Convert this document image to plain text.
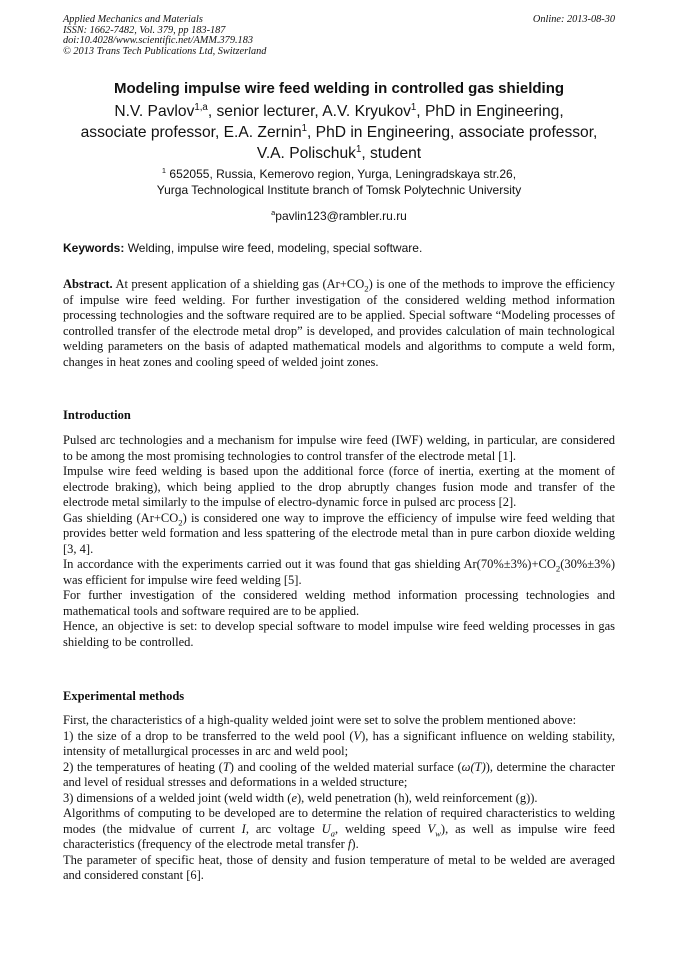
Applied Mechanics and Materials
ISSN: 1662-7482, Vol. 379, pp 183-187
doi:10.4028/www.scientific.net/AMM.379.183
© 2013 Trans Tech Publications Ltd, Switzerland
Online: 2013-08-30
Modeling impulse wire feed welding in controlled gas shielding
N.V. Pavlov$^{1,a}$, senior lecturer, A.V. Kryukov$^1$, PhD in Engineering,
associate professor, E.A. Zernin$^1$, PhD in Engineering, associate professor,
V.A. Polischuk$^1$, student
$^1$ 652055, Russia, Kemerovo region, Yurga, Leningradskaya str.26,
Yurga Technological Institute branch of Tomsk Polytechnic University
$^a$pavlin123@rambler.ru.ru
Keywords: Welding, impulse wire feed, modeling, special software.

Abstract. At present application of a shielding gas $(Ar+CO_2)$ is one of the methods to improve the efficiency of impulse wire feed welding. For further investigation of the considered welding method information processing technologies and the software required are to be applied. Special software “Modeling processes of controlled transfer of the electrode metal drop” is developed, and provides calculation of main technological welding parameters on the basis of adapted mathematical models and algorithms to compute a weld form, changes in heat zones and cooling speed of welded joint zones.

Introduction

Pulsed arc technologies and a mechanism for impulse wire feed (IWF) welding, in particular, are considered to be among the most promising technologies to control transfer of the electrode metal [1].

Impulse wire feed welding is based upon the additional force (force of inertia, exerting at the moment of electrode braking), which being applied to the drop abruptly changes fusion mode and transfer of the electrode metal similarly to the impulse of electro-dynamic force in pulsed arc process [2].

Gas shielding $(Ar+CO_2)$ is considered one way to improve the efficiency of impulse wire feed welding that provides better weld formation and less spattering of the electrode metal than in pure carbon dioxide welding [3, 4].

In accordance with the experiments carried out it was found that gas shielding $Ar(70\%\pm 3\%)+CO_2(30\%\pm 3\%)$ was efficient for impulse wire feed welding [5].

For further investigation of the considered welding method information processing technologies and mathematical tools and software required are to be applied.

Hence, an objective is set: to develop special software to model impulse wire feed welding processes in gas shielding to be controlled.

Experimental methods

First, the characteristics of a high-quality welded joint were set to solve the problem mentioned above:

1) the size of a drop to be transferred to the weld pool (V), has a significant influence on welding stability, intensity of metallurgical processes in arc and weld pool;

2) the temperatures of heating (T) and cooling of the welded material surface (ω(T)), determine the character and level of residual stresses and deformations in a welded structure;

3) dimensions of a welded joint (weld width (e), weld penetration (h), weld reinforcement (g)).

Algorithms of computing to be developed are to determine the relation of required characteristics to welding modes (the midvalue of current I, arc voltage $U_a$, welding speed $V_w$), as well as impulse wire feed characteristics (frequency of the electrode metal transfer f).

The parameter of specific heat, those of density and fusion temperature of metal to be welded are averaged and considered constant [6].
